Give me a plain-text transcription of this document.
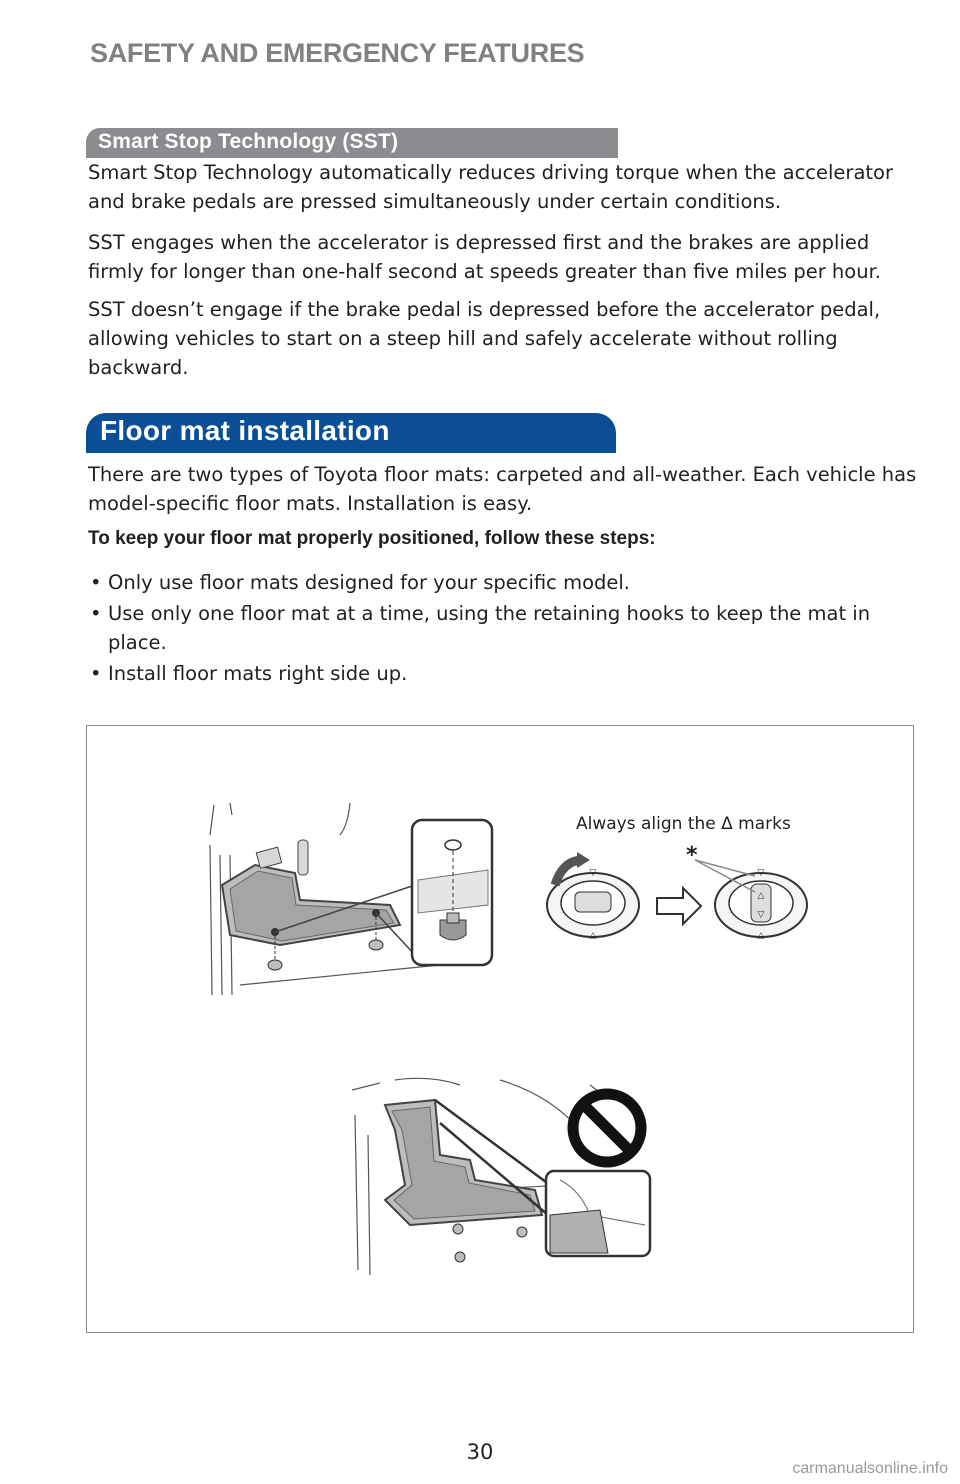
SAFETY AND EMERGENCY FEATURES
Smart Stop Technology (SST)

Smart Stop Technology automatically reduces driving torque when the accelerator and brake pedals are pressed simultaneously under certain conditions.

SST engages when the accelerator is depressed first and the brakes are applied firmly for longer than one-half second at speeds greater than five miles per hour.

SST doesn’t engage if the brake pedal is depressed before the accelerator pedal, allowing vehicles to start on a steep hill and safely accelerate without rolling backward.

Floor mat installation

There are two types of Toyota floor mats: carpeted and all-weather. Each vehicle has model-specific floor mats. Installation is easy.

To keep your floor mat properly positioned, follow these steps:

• Only use floor mats designed for your specific model.
• Use only one floor mat at a time, using the retaining hooks to keep the mat in place.
• Install floor mats right side up.
▽
△
△
▽
▽
△
Always align the Δ marks
*
30
carmanualsonline.info
